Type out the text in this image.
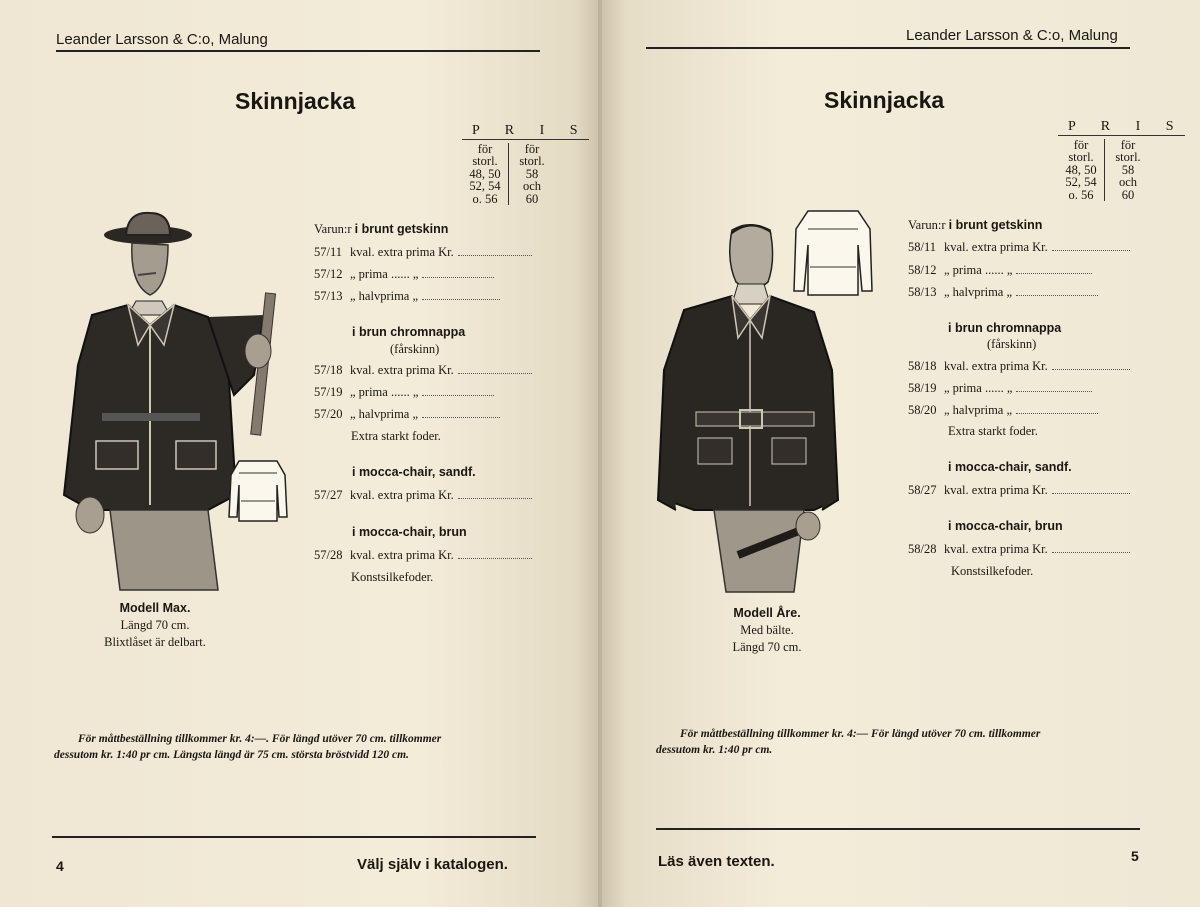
Leander Larsson & C:o, Malung
Skinnjacka
P R I S
för
storl.
48, 50
52, 54
o. 56
för
storl.
58
och
60
Varun:r i brunt getskinn
57/11 kval. extra prima Kr.
57/12 „ prima ...... „
57/13 „ halvprima „
i brun chromnappa
(fårskinn)
57/18 kval. extra prima Kr.
57/19 „ prima ...... „
57/20 „ halvprima „
Extra starkt foder.
i mocca-chair, sandf.
57/27 kval. extra prima Kr.
i mocca-chair, brun
57/28 kval. extra prima Kr.
Konstsilkefoder.
Modell Max.
Längd 70 cm.
Blixtlåset är delbart.
För måttbeställning tillkommer kr. 4:—. För längd utöver 70 cm. tillkommer
dessutom kr. 1:40 pr cm. Längsta längd är 75 cm. största bröstvidd 120 cm.
4	Välj själv i katalogen.
Leander Larsson & C:o, Malung
Skinnjacka
P R I S
för
storl.
48, 50
52, 54
o. 56
för
storl.
58
och
60
Varun:r i brunt getskinn
58/11 kval. extra prima Kr.
58/12 „ prima ...... „
58/13 „ halvprima „
i brun chromnappa
(fårskinn)
58/18 kval. extra prima Kr.
58/19 „ prima ...... „
58/20 „ halvprima „
Extra starkt foder.
i mocca-chair, sandf.
58/27 kval. extra prima Kr.
i mocca-chair, brun
58/28 kval. extra prima Kr.
Konstsilkefoder.
Modell Åre.
Med bälte.
Längd 70 cm.
För måttbeställning tillkommer kr. 4:— För längd utöver 70 cm. tillkommer
dessutom kr. 1:40 pr cm.
Läs även texten.	5
